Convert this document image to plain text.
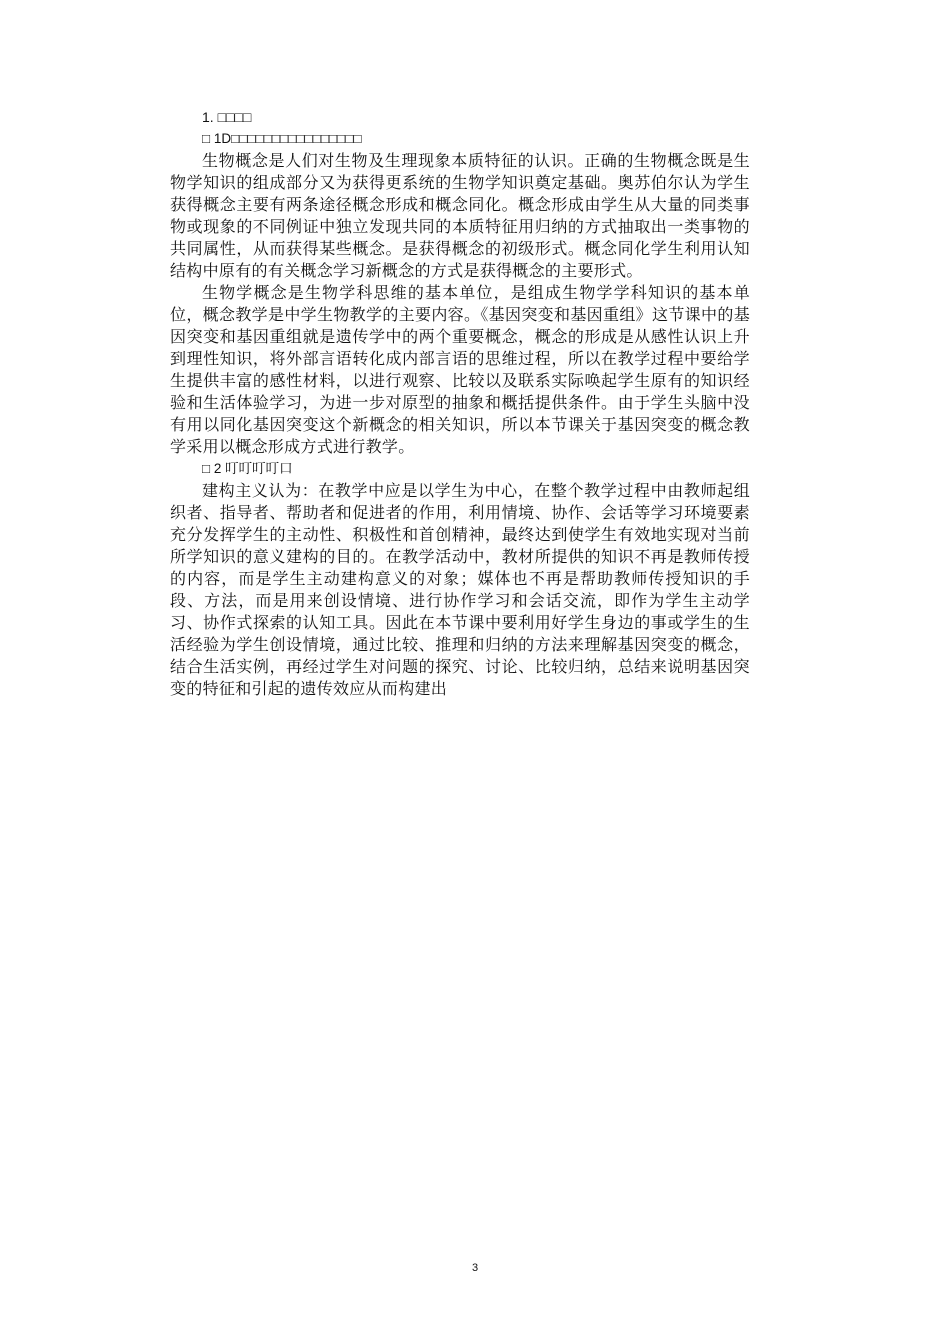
1. □□□□
□ 1D□□□□□□□□□□□□□□□□

生物概念是人们对生物及生理现象本质特征的认识。正确的生物概念既是生物学知识的组成部分又为获得更系统的生物学知识奠定基础。奥苏伯尔认为学生获得概念主要有两条途径概念形成和概念同化。概念形成由学生从大量的同类事物或现象的不同例证中独立发现共同的本质特征用归纳的方式抽取出一类事物的共同属性，从而获得某些概念。是获得概念的初级形式。概念同化学生利用认知结构中原有的有关概念学习新概念的方式是获得概念的主要形式。

生物学概念是生物学科思维的基本单位，是组成生物学学科知识的基本单位，概念教学是中学生物教学的主要内容。《基因突变和基因重组》这节课中的基因突变和基因重组就是遗传学中的两个重要概念，概念的形成是从感性认识上升到理性知识，将外部言语转化成内部言语的思维过程，所以在教学过程中要给学生提供丰富的感性材料，以进行观察、比较以及联系实际唤起学生原有的知识经验和生活体验学习，为进一步对原型的抽象和概括提供条件。由于学生头脑中没有用以同化基因突变这个新概念的相关知识，所以本节课关于基因突变的概念教学采用以概念形成方式进行教学。

□ 2 叮叮叮叮口

建构主义认为：在教学中应是以学生为中心，在整个教学过程中由教师起组织者、指导者、帮助者和促进者的作用，利用情境、协作、会话等学习环境要素充分发挥学生的主动性、积极性和首创精神，最终达到使学生有效地实现对当前所学知识的意义建构的目的。在教学活动中，教材所提供的知识不再是教师传授的内容，而是学生主动建构意义的对象；媒体也不再是帮助教师传授知识的手段、方法，而是用来创设情境、进行协作学习和会话交流，即作为学生主动学习、协作式探索的认知工具。因此在本节课中要利用好学生身边的事或学生的生活经验为学生创设情境，通过比较、推理和归纳的方法来理解基因突变的概念，结合生活实例，再经过学生对问题的探究、讨论、比较归纳，总结来说明基因突变的特征和引起的遗传效应从而构建出

3
